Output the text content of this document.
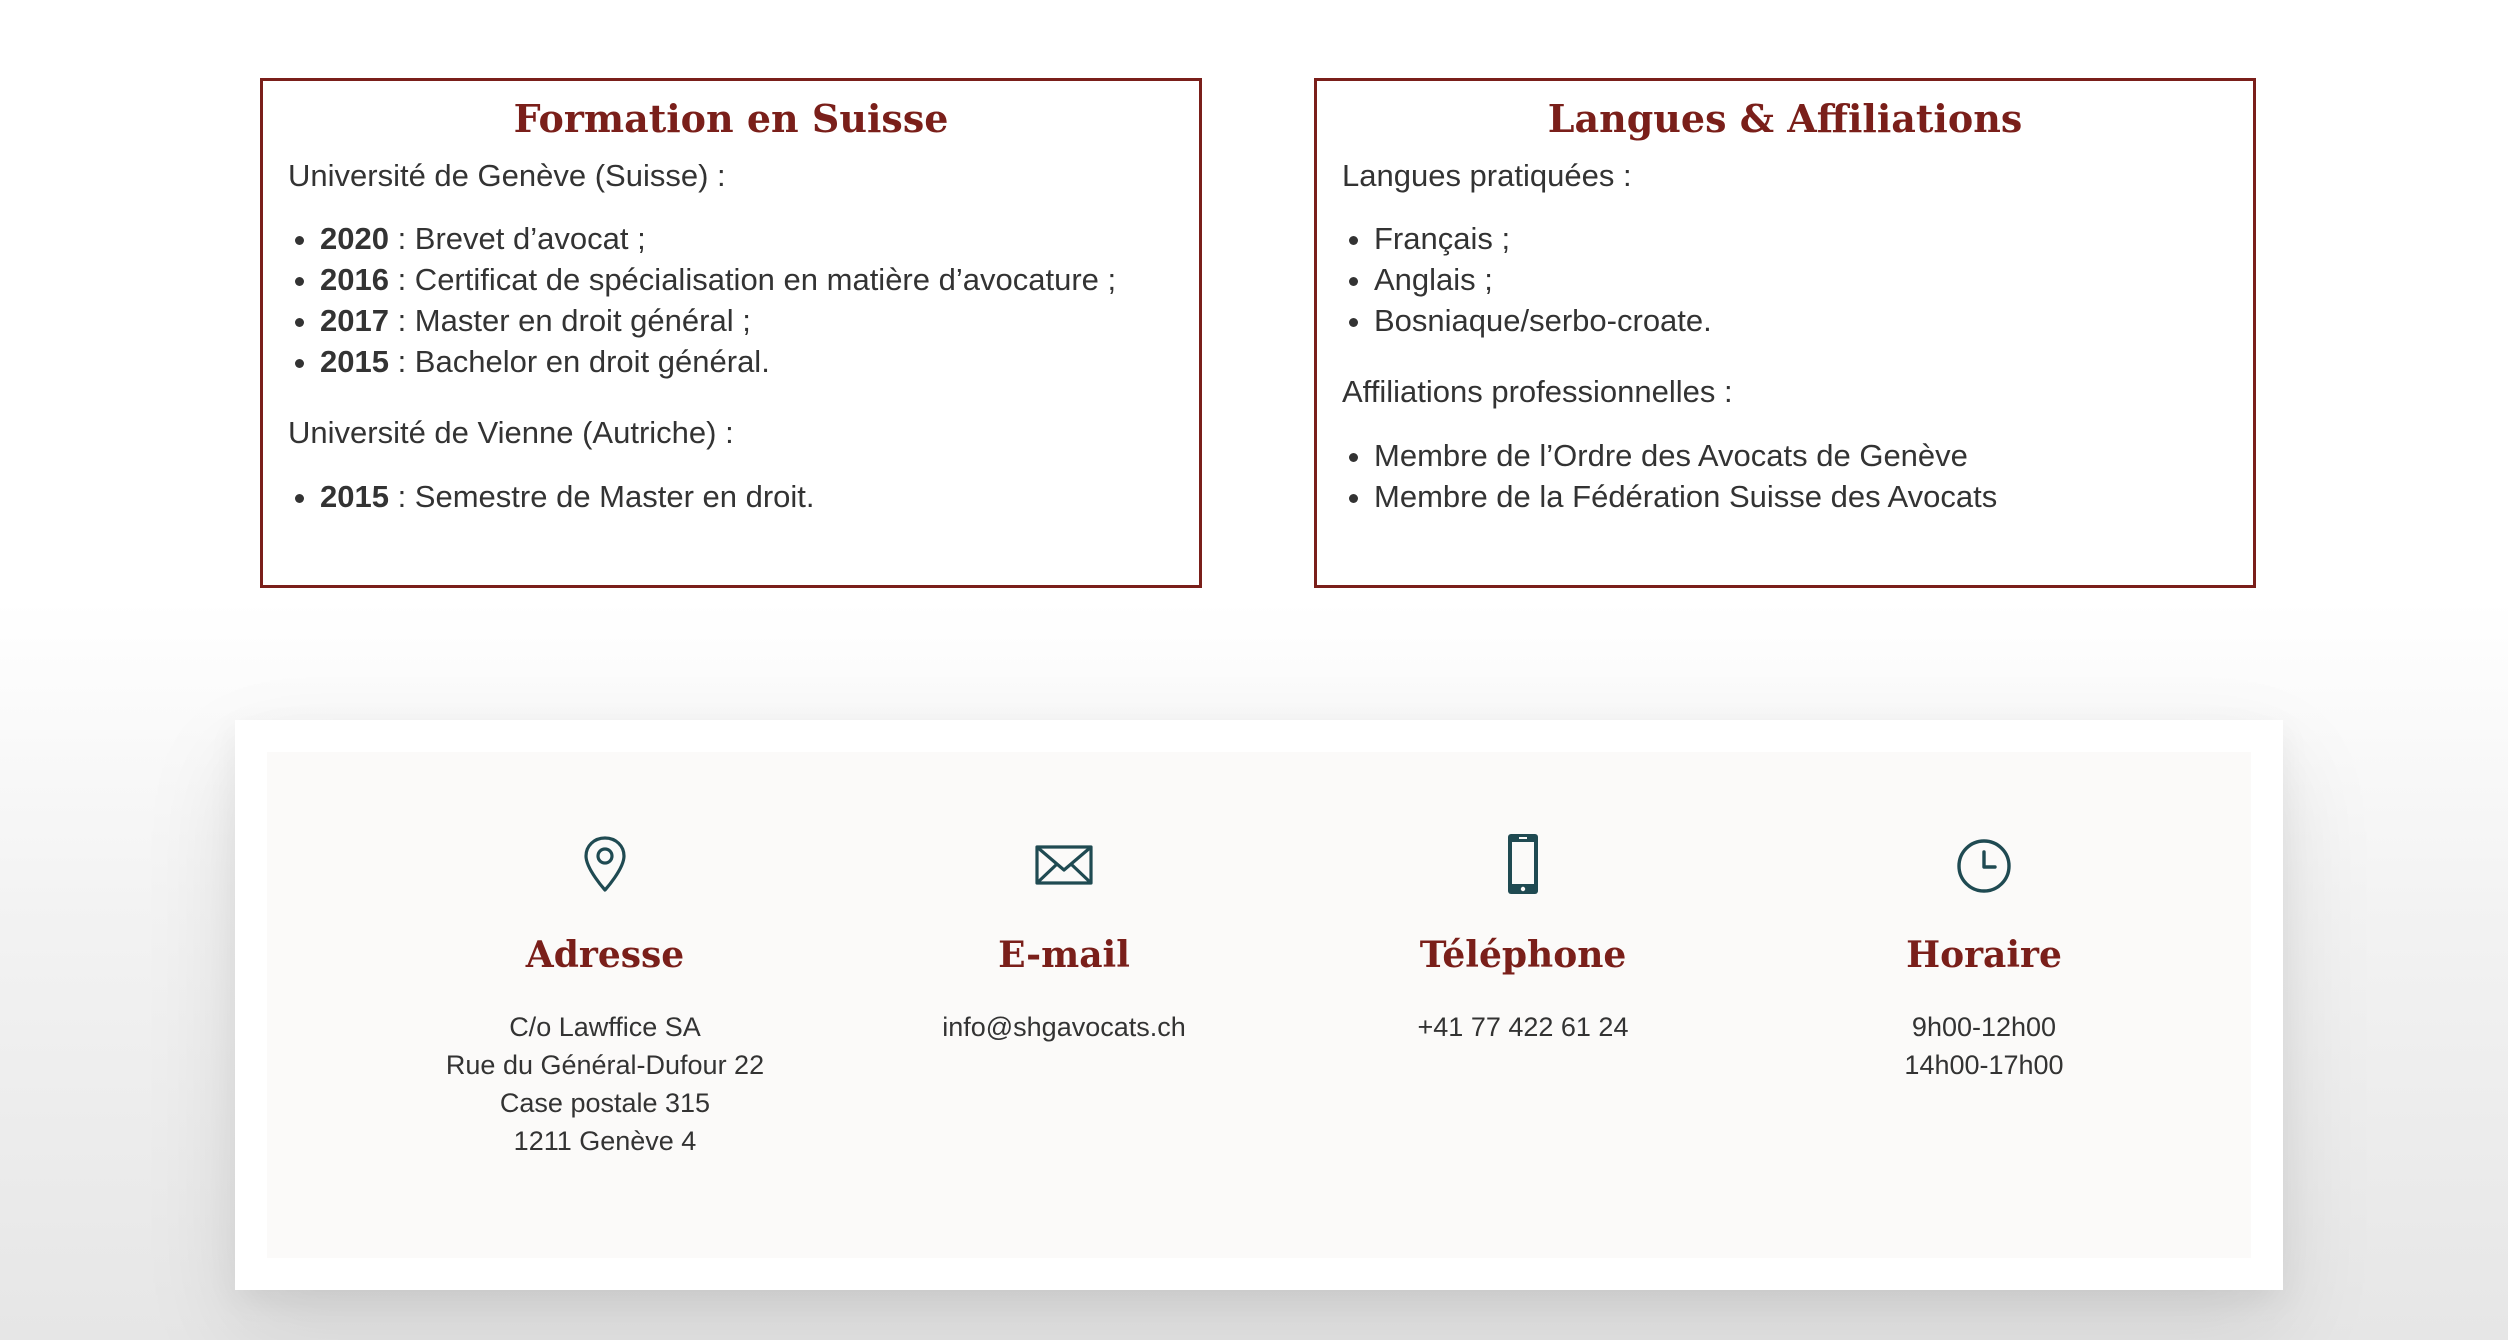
Formation en Suisse

Université de Genève (Suisse) :

• 2020 : Brevet d’avocat ;
• 2016 : Certificat de spécialisation en matière d’avocature ;
• 2017 : Master en droit général ;
• 2015 : Bachelor en droit général.

Université de Vienne (Autriche) :

• 2015 : Semestre de Master en droit.
Langues & Affiliations

Langues pratiquées :

• Français ;
• Anglais ;
• Bosniaque/serbo-croate.

Affiliations professionnelles :

• Membre de l’Ordre des Avocats de Genève
• Membre de la Fédération Suisse des Avocats
Adresse
C/o Lawffice SA
Rue du Général-Dufour 22
Case postale 315
1211 Genève 4
E-mail
info@shgavocats.ch
Téléphone
+41 77 422 61 24
Horaire
9h00-12h00
14h00-17h00
